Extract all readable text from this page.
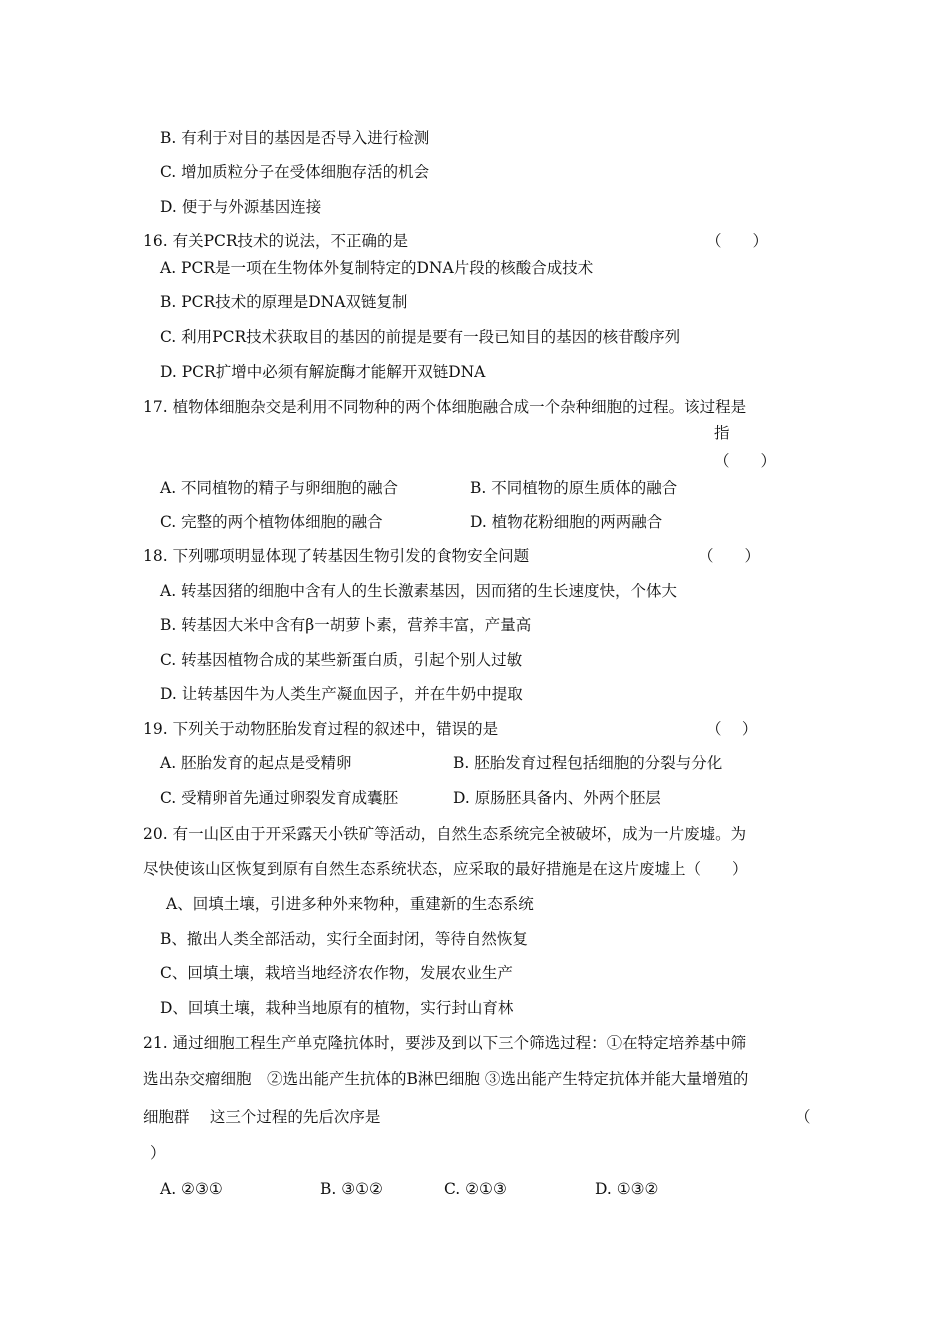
B. 有利于对目的基因是否导入进行检测
C. 增加质粒分子在受体细胞存活的机会
D. 便于与外源基因连接
16. 有关PCR技术的说法，不正确的是	（　　）
A. PCR是一项在生物体外复制特定的DNA片段的核酸合成技术
B. PCR技术的原理是DNA双链复制
C. 利用PCR技术获取目的基因的前提是要有一段已知目的基因的核苷酸序列
D. PCR扩增中必须有解旋酶才能解开双链DNA
17. 植物体细胞杂交是利用不同物种的两个体细胞融合成一个杂种细胞的过程。该过程是
指
（　　）
A. 不同植物的精子与卵细胞的融合	B. 不同植物的原生质体的融合
C. 完整的两个植物体细胞的融合	D. 植物花粉细胞的两两融合
18. 下列哪项明显体现了转基因生物引发的食物安全问题	（　　）
A. 转基因猪的细胞中含有人的生长激素基因，因而猪的生长速度快，个体大
B. 转基因大米中含有β一胡萝卜素，营养丰富，产量高
C. 转基因植物合成的某些新蛋白质，引起个别人过敏
D. 让转基因牛为人类生产凝血因子，并在牛奶中提取
19. 下列关于动物胚胎发育过程的叙述中，错误的是	（　 ）
A. 胚胎发育的起点是受精卵	B. 胚胎发育过程包括细胞的分裂与分化
C. 受精卵首先通过卵裂发育成囊胚	D. 原肠胚具备内、外两个胚层
20. 有一山区由于开采露天小铁矿等活动，自然生态系统完全被破坏，成为一片废墟。为
尽快使该山区恢复到原有自然生态系统状态，应采取的最好措施是在这片废墟上（　　）
A、回填土壤，引进多种外来物种，重建新的生态系统
B、撤出人类全部活动，实行全面封闭，等待自然恢复
C、回填土壤，栽培当地经济农作物，发展农业生产
D、回填土壤，栽种当地原有的植物，实行封山育林
21. 通过细胞工程生产单克隆抗体时，要涉及到以下三个筛选过程：①在特定培养基中筛
选出杂交瘤细胞　②选出能产生抗体的B淋巴细胞 ③选出能产生特定抗体并能大量增殖的
细胞群　 这三个过程的先后次序是	（
）
A. ②③①	B. ③①②	C. ②①③	D. ①③②
